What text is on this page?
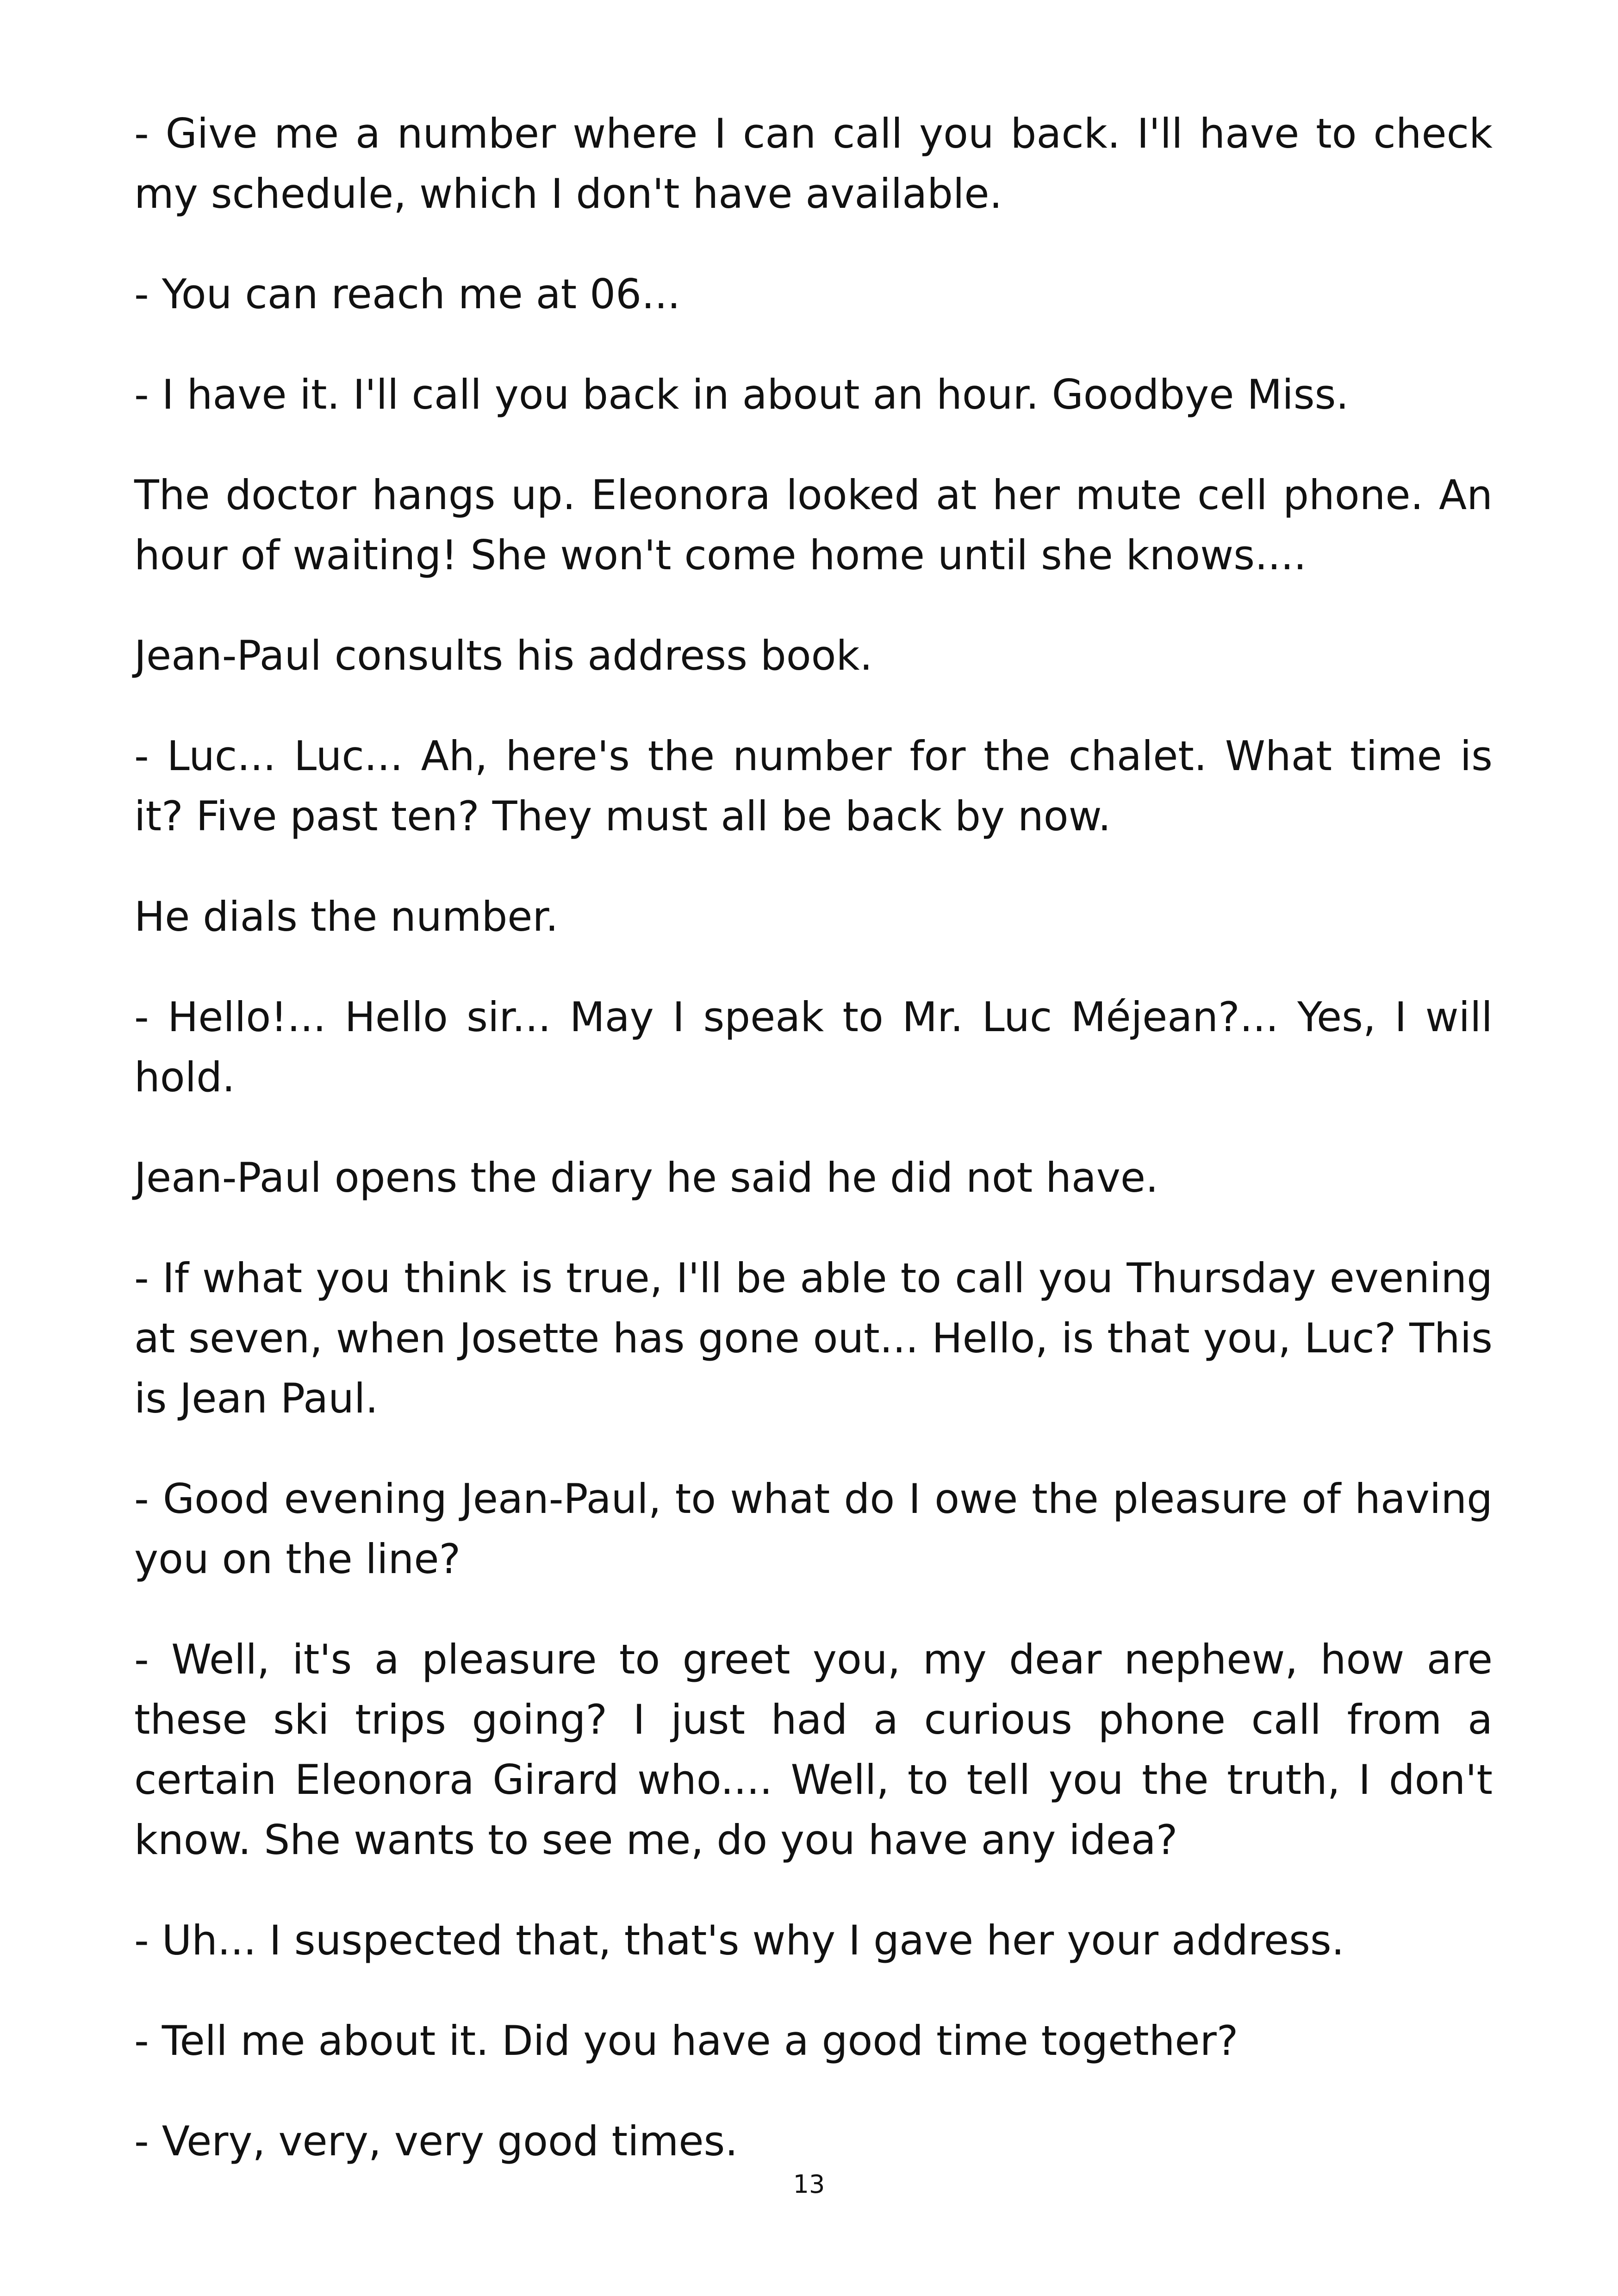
- Give me a number where I can call you back. I'll have to check my schedule, which I don't have available.

- You can reach me at 06...

- I have it. I'll call you back in about an hour. Goodbye Miss.

The doctor hangs up. Eleonora looked at her mute cell phone. An hour of waiting! She won't come home until she knows....

Jean-Paul consults his address book.

- Luc... Luc... Ah, here's the number for the chalet. What time is it? Five past ten? They must all be back by now.

He dials the number.

- Hello!... Hello sir... May I speak to Mr. Luc Méjean?... Yes, I will hold.

Jean-Paul opens the diary he said he did not have.

- If what you think is true, I'll be able to call you Thursday evening at seven, when Josette has gone out... Hello, is that you, Luc? This is Jean Paul.

- Good evening Jean-Paul, to what do I owe the pleasure of having you on the line?

- Well, it's a pleasure to greet you, my dear nephew, how are these ski trips going? I just had a curious phone call from a certain Eleonora Girard who.... Well, to tell you the truth, I don't know. She wants to see me, do you have any idea?

- Uh... I suspected that, that's why I gave her your address.

- Tell me about it. Did you have a good time together?

- Very, very, very good times.

13
